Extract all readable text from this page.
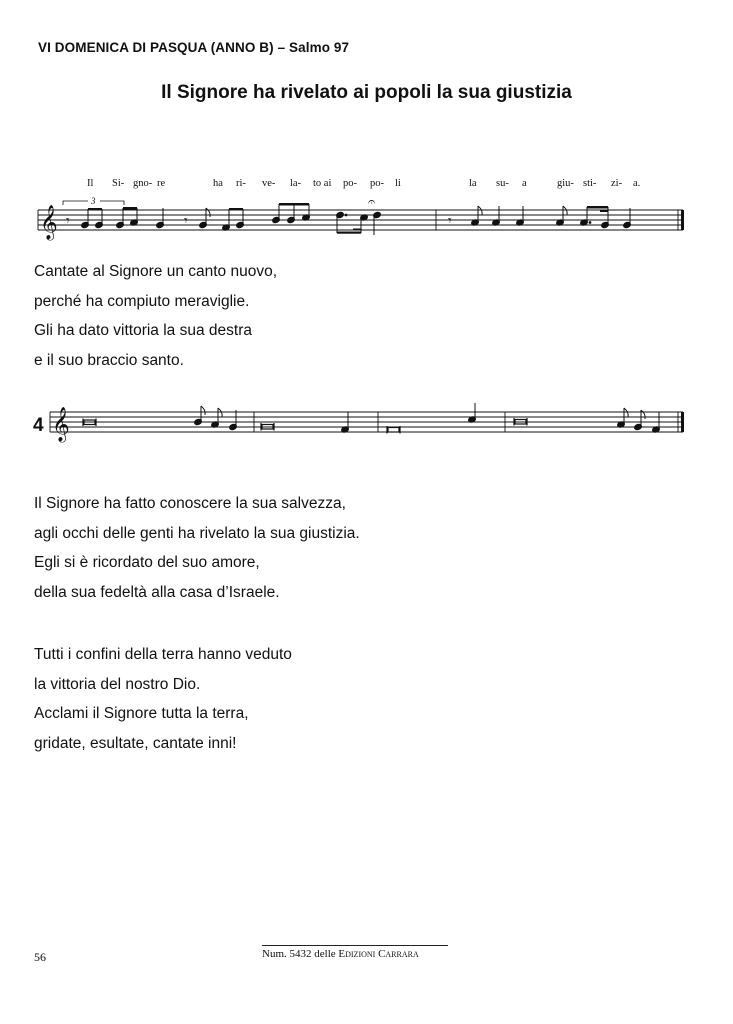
VI DOMENICA DI PASQUA (ANNO B) – Salmo 97
Il Signore ha rivelato ai popoli la sua giustizia
Il Si- gno- re	ha ri- ve- la- to ai po- po- li	la su- a	giu- sti- zi- a.
𝄞
3
𝄾	𝄾
𝄐
𝄾
Cantate al Signore un canto nuovo,
perché ha compiuto meraviglie.
Gli ha dato vittoria la sua destra
e il suo braccio santo.
4 𝄞
Il Signore ha fatto conoscere la sua salvezza,
agli occhi delle genti ha rivelato la sua giustizia.
Egli si è ricordato del suo amore,
della sua fedeltà alla casa d’Israele.
Tutti i confini della terra hanno veduto
la vittoria del nostro Dio.
Acclami il Signore tutta la terra,
gridate, esultate, cantate inni!
56	Num. 5432 delle Edizioni Carrara
